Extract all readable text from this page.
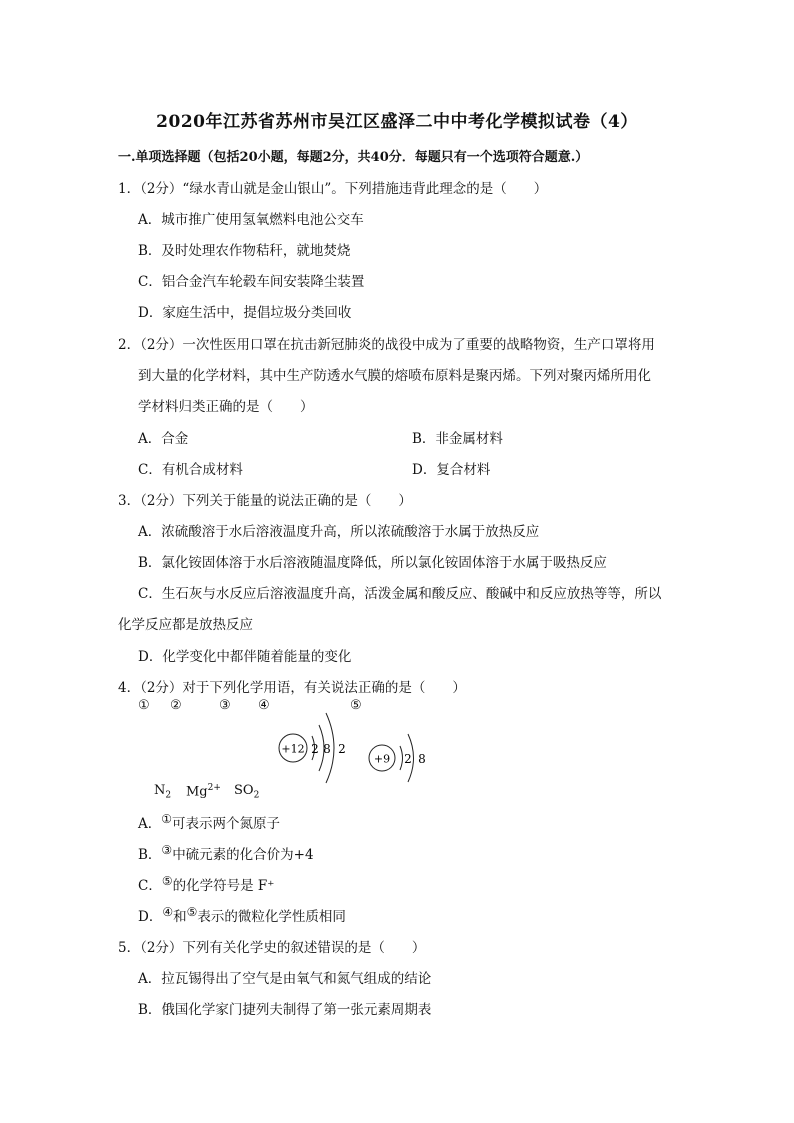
2020年江苏省苏州市吴江区盛泽二中中考化学模拟试卷（4）
一.单项选择题（包括20小题，每题2分，共40分．每题只有一个选项符合题意.）
1．（2分）“绿水青山就是金山银山”。下列措施违背此理念的是（　　）
A．城市推广使用氢氧燃料电池公交车
B．及时处理农作物秸秆，就地焚烧
C．铝合金汽车轮毂车间安装降尘装置
D．家庭生活中，提倡垃圾分类回收
2．（2分）一次性医用口罩在抗击新冠肺炎的战役中成为了重要的战略物资，生产口罩将用
到大量的化学材料，其中生产防透水气膜的熔喷布原料是聚丙烯。下列对聚丙烯所用化
学材料归类正确的是（　　）
A．合金	B．非金属材料
C．有机合成材料	D．复合材料
3．（2分）下列关于能量的说法正确的是（　　）
A．浓硫酸溶于水后溶液温度升高，所以浓硫酸溶于水属于放热反应
B．氯化铵固体溶于水后溶液随温度降低，所以氯化铵固体溶于水属于吸热反应
C．生石灰与水反应后溶液温度升高，活泼金属和酸反应、酸碱中和反应放热等等，所以
化学反应都是放热反应
D．化学变化中都伴随着能量的变化
4．（2分）对于下列化学用语，有关说法正确的是（　　）
① ②	③ ④	⑤
+12 2 8 2
+9 2 8
$N_2$ $Mg^{2+}$ $SO_2$
A．①可表示两个氮原子
B．③中硫元素的化合价为+4
C．⑤的化学符号是 F⁺
D．④和⑤表示的微粒化学性质相同
5．（2分）下列有关化学史的叙述错误的是（　　）
A．拉瓦锡得出了空气是由氧气和氮气组成的结论
B．俄国化学家门捷列夫制得了第一张元素周期表
